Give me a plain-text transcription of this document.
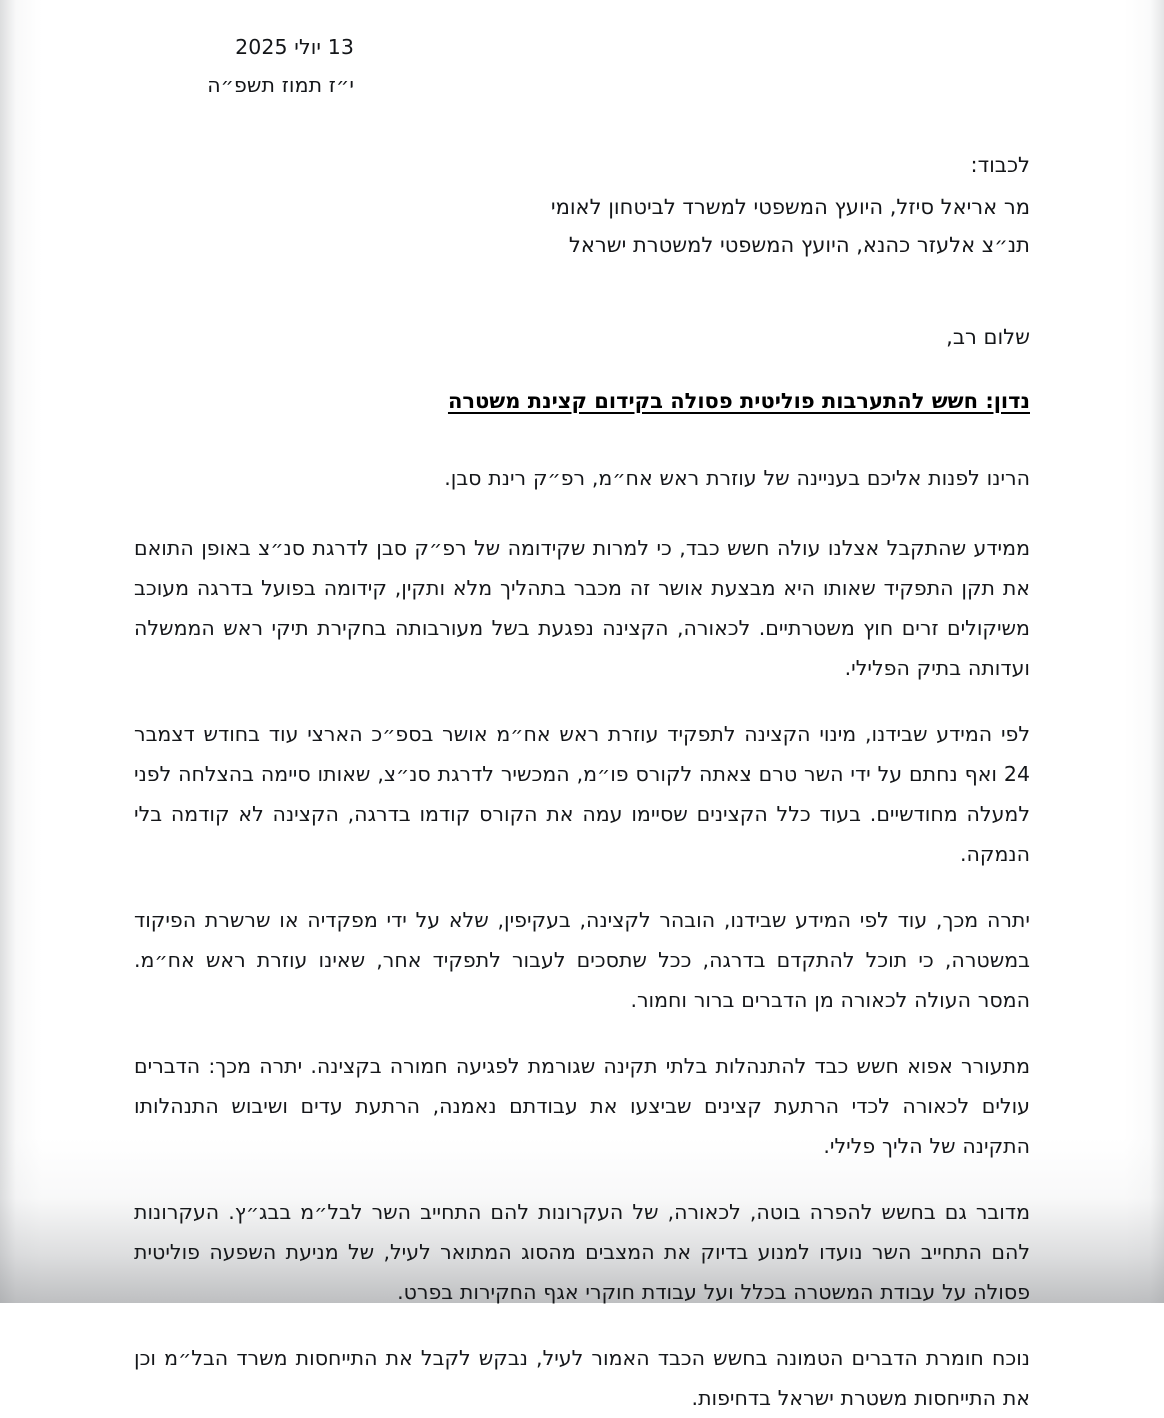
13 יולי 2025
י״ז תמוז תשפ״ה
לכבוד:
מר אריאל סיזל, היועץ המשפטי למשרד לביטחון לאומי
תנ״צ אלעזר כהנא, היועץ המשפטי למשטרת ישראל
שלום רב,
נדון: חשש להתערבות פוליטית פסולה בקידום קצינת משטרה

הרינו לפנות אליכם בעניינה של עוזרת ראש אח״מ, רפ״ק רינת סבן.

ממידע שהתקבל אצלנו עולה חשש כבד, כי למרות שקידומה של רפ״ק סבן לדרגת סנ״צ באופן התואם את תקן התפקיד שאותו היא מבצעת אושר זה מכבר בתהליך מלא ותקין, קידומה בפועל בדרגה מעוכב משיקולים זרים חוץ משטרתיים. לכאורה, הקצינה נפגעת בשל מעורבותה בחקירת תיקי ראש הממשלה ועדותה בתיק הפלילי.

לפי המידע שבידנו, מינוי הקצינה לתפקיד עוזרת ראש אח״מ אושר בספ״כ הארצי עוד בחודש דצמבר 24 ואף נחתם על ידי השר טרם צאתה לקורס פו״מ, המכשיר לדרגת סנ״צ, שאותו סיימה בהצלחה לפני למעלה מחודשיים. בעוד כלל הקצינים שסיימו עמה את הקורס קודמו בדרגה, הקצינה לא קודמה בלי הנמקה.

יתרה מכך, עוד לפי המידע שבידנו, הובהר לקצינה, בעקיפין, שלא על ידי מפקדיה או שרשרת הפיקוד במשטרה, כי תוכל להתקדם בדרגה, ככל שתסכים לעבור לתפקיד אחר, שאינו עוזרת ראש אח״מ. המסר העולה לכאורה מן הדברים ברור וחמור.

מתעורר אפוא חשש כבד להתנהלות בלתי תקינה שגורמת לפגיעה חמורה בקצינה. יתרה מכך: הדברים עולים לכאורה לכדי הרתעת קצינים שביצעו את עבודתם נאמנה, הרתעת עדים ושיבוש התנהלותו התקינה של הליך פלילי.

מדובר גם בחשש להפרה בוטה, לכאורה, של העקרונות להם התחייב השר לבל״מ בבג״ץ. העקרונות להם התחייב השר נועדו למנוע בדיוק את המצבים מהסוג המתואר לעיל, של מניעת השפעה פוליטית פסולה על עבודת המשטרה בכלל ועל עבודת חוקרי אגף החקירות בפרט.

נוכח חומרת הדברים הטמונה בחשש הכבד האמור לעיל, נבקש לקבל את התייחסות משרד הבל״מ וכן את התייחסות משטרת ישראל בדחיפות.
